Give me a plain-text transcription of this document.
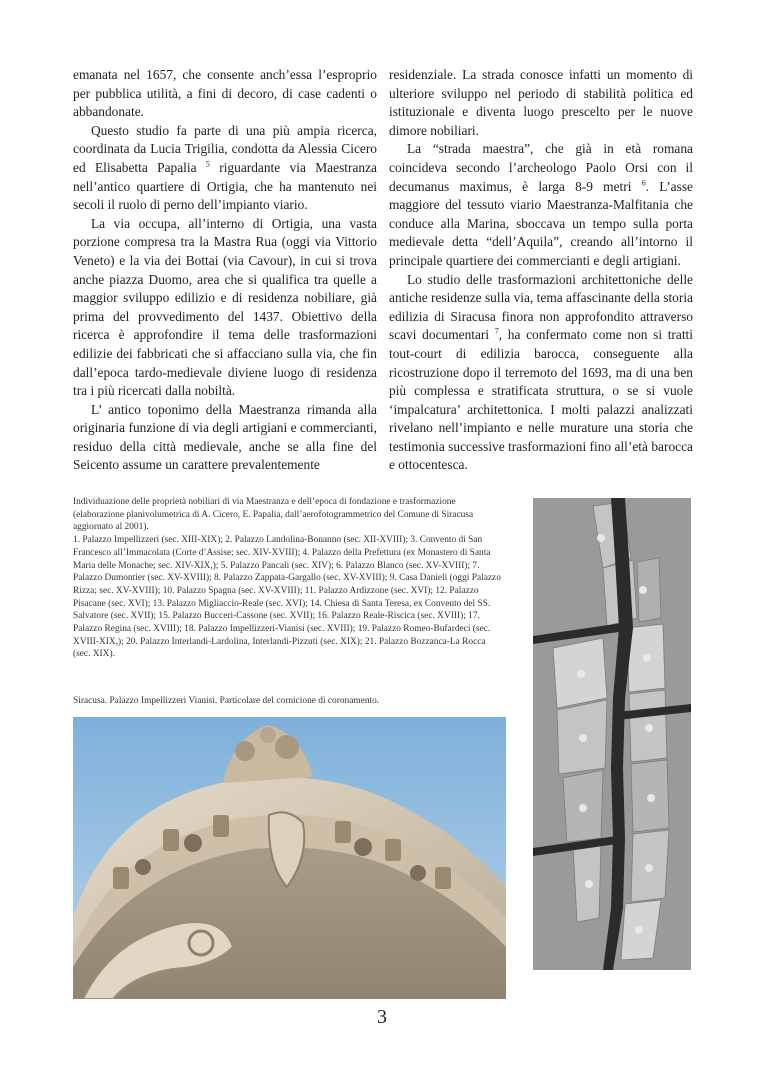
emanata nel 1657, che consente anch’essa l’esproprio per pubblica utilità, a fini di decoro, di case cadenti o abbandonate.

Questo studio fa parte di una più ampia ricerca, coordinata da Lucia Trigilia, condotta da Alessia Cicero ed Elisabetta Papalia $^5$ riguardante via Maestranza nell’antico quartiere di Ortigia, che ha mantenuto nei secoli il ruolo di perno dell’impianto viario.

La via occupa, all’interno di Ortigia, una vasta porzione compresa tra la Mastra Rua (oggi via Vittorio Veneto) e la via dei Bottai (via Cavour), in cui si trova anche piazza Duomo, area che si qualifica tra quelle a maggior sviluppo edilizio e di residenza nobiliare, già prima del provvedimento del 1437. Obiettivo della ricerca è approfondire il tema delle trasformazioni edilizie dei fabbricati che si affacciano sulla via, che fin dall’epoca tardo-medievale diviene luogo di residenza tra i più ricercati dalla nobiltà.

L’ antico toponimo della Maestranza rimanda alla originaria funzione di via degli artigiani e commercianti, residuo della città medievale, anche se alla fine del Seicento assume un carattere prevalentemente

residenziale. La strada conosce infatti un momento di ulteriore sviluppo nel periodo di stabilità politica ed istituzionale e diventa luogo prescelto per le nuove dimore nobiliari.

La “strada maestra”, che già in età romana coincideva secondo l’archeologo Paolo Orsi con il decumanus maximus, è larga 8-9 metri $^6$. L’asse maggiore del tessuto viario Maestranza-Malfitania che conduce alla Marina, sboccava un tempo sulla porta medievale detta “dell’Aquila”, creando all’intorno il principale quartiere dei commercianti e degli artigiani.

Lo studio delle trasformazioni architettoniche delle antiche residenze sulla via, tema affascinante della storia edilizia di Siracusa finora non approfondito attraverso scavi documentari $^7$, ha confermato come non si tratti tout-court di edilizia barocca, conseguente alla ricostruzione dopo il terremoto del 1693, ma di una ben più complessa e stratificata struttura, o se si vuole ‘impalcatura’ architettonica. I molti palazzi analizzati rivelano nell’impianto e nelle murature una storia che testimonia successive trasformazioni fino all’età barocca e ottocentesca.

Individuazione delle proprietà nobiliari di via Maestranza e dell’epoca di fondazione e trasformazione (elaborazione planivolumetrica di A. Cicero, E. Papalia, dall’aerofotogrammetrico del Comune di Siracusa aggiornato al 2001).

1. Palazzo Impellizzeri (sec. XIII-XIX); 2. Palazzo Landolina-Bonanno (sec. XII-XVIII); 3. Convento di San Francesco all’Immacolata (Corte d’Assise; sec. XIV-XVIII); 4. Palazzo della Prefettura (ex Monastero di Santa Maria delle Monache; sec. XIV-XIX,); 5. Palazzo Pancali (sec. XIV); 6. Palazzo Blanco (sec. XV-XVIII); 7. Palazzo Dumontier (sec. XV-XVIII); 8. Palazzo Zappata-Gargallo (sec. XV-XVIII); 9. Casa Danieli (oggi Palazzo Rizza; sec. XV-XVIII); 10. Palazzo Spagna (sec. XV-XVIII); 11. Palazzo Ardizzone (sec. XVI); 12. Palazzo Pisacane (sec. XVI); 13. Palazzo Migliaccio-Reale (sec. XVI); 14. Chiesa di Santa Teresa, ex Convento del SS. Salvatore (sec. XVII); 15. Palazzo Bucceri-Cassone (sec. XVII); 16. Palazzo Reale-Riscica (sec. XVIII); 17. Palazzo Regina (sec. XVIII); 18. Palazzo Impellizzeri-Vianisi (sec. XVIII); 19. Palazzo Romeo-Bufardeci (sec. XVIII-XIX,); 20. Palazzo Interlandi-Lardolina, Interlandi-Pizzuti (sec. XIX); 21. Palazzo Bozzanca-La Rocca (sec. XIX).

Siracusa. Palazzo Impellizzeri Vianisi. Particolare del cornicione di coronamento.
3
